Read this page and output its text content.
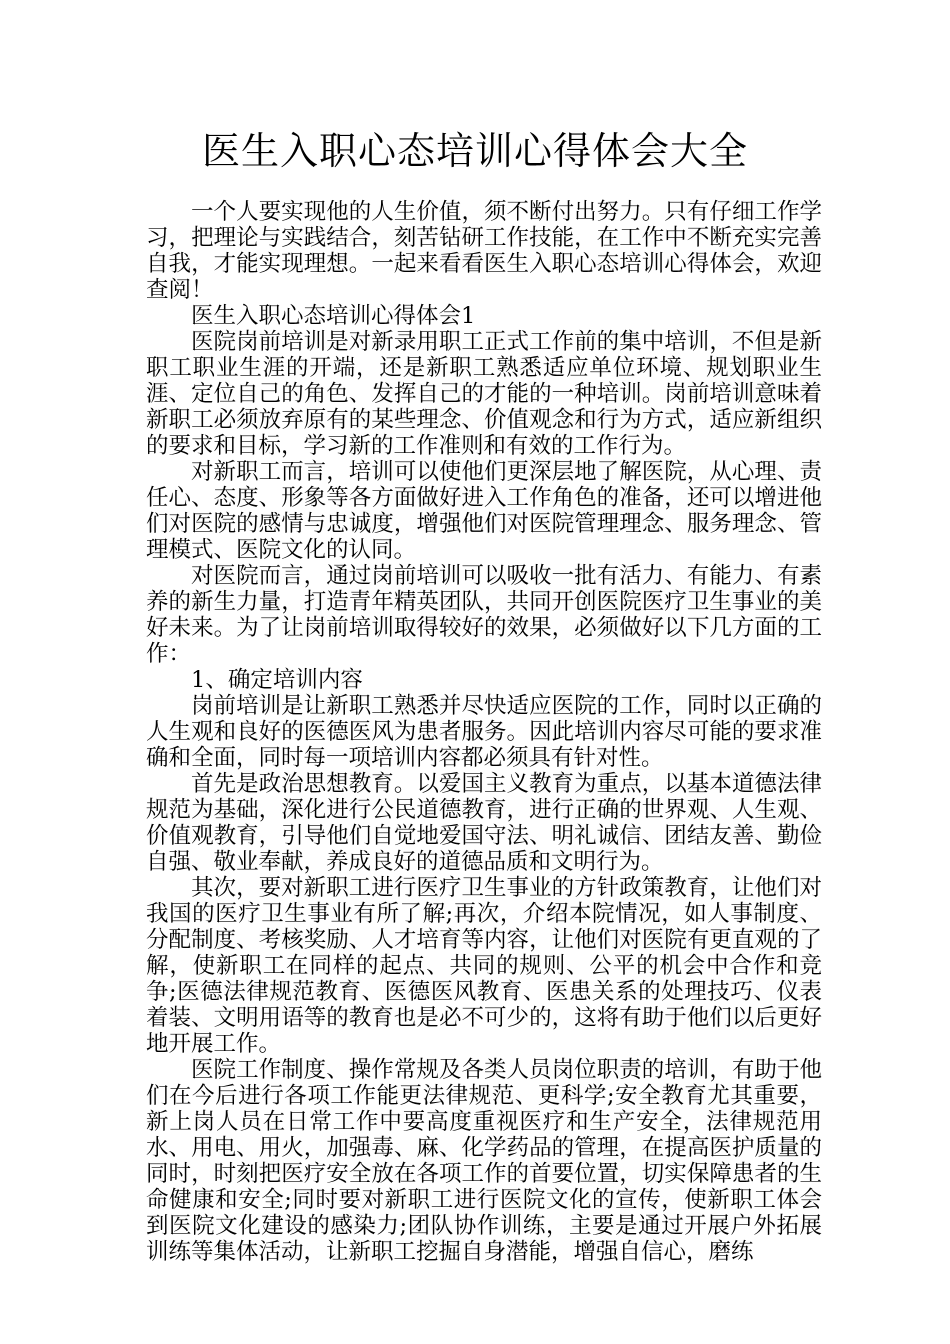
医生入职心态培训心得体会大全

一个人要实现他的人生价值，须不断付出努力。只有仔细工作学习，把理论与实践结合，刻苦钻研工作技能，在工作中不断充实完善自我，才能实现理想。一起来看看医生入职心态培训心得体会，欢迎查阅！

医生入职心态培训心得体会1

医院岗前培训是对新录用职工正式工作前的集中培训，不但是新职工职业生涯的开端，还是新职工熟悉适应单位环境、规划职业生涯、定位自己的角色、发挥自己的才能的一种培训。岗前培训意味着新职工必须放弃原有的某些理念、价值观念和行为方式，适应新组织的要求和目标，学习新的工作准则和有效的工作行为。

对新职工而言，培训可以使他们更深层地了解医院，从心理、责任心、态度、形象等各方面做好进入工作角色的准备，还可以增进他们对医院的感情与忠诚度，增强他们对医院管理理念、服务理念、管理模式、医院文化的认同。

对医院而言，通过岗前培训可以吸收一批有活力、有能力、有素养的新生力量，打造青年精英团队，共同开创医院医疗卫生事业的美好未来。为了让岗前培训取得较好的效果，必须做好以下几方面的工作：

1、确定培训内容

岗前培训是让新职工熟悉并尽快适应医院的工作，同时以正确的人生观和良好的医德医风为患者服务。因此培训内容尽可能的要求准确和全面，同时每一项培训内容都必须具有针对性。

首先是政治思想教育。以爱国主义教育为重点，以基本道德法律规范为基础，深化进行公民道德教育，进行正确的世界观、人生观、价值观教育，引导他们自觉地爱国守法、明礼诚信、团结友善、勤俭自强、敬业奉献，养成良好的道德品质和文明行为。

其次，要对新职工进行医疗卫生事业的方针政策教育，让他们对我国的医疗卫生事业有所了解;再次，介绍本院情况，如人事制度、分配制度、考核奖励、人才培育等内容，让他们对医院有更直观的了解，使新职工在同样的起点、共同的规则、公平的机会中合作和竞争;医德法律规范教育、医德医风教育、医患关系的处理技巧、仪表着装、文明用语等的教育也是必不可少的，这将有助于他们以后更好地开展工作。

医院工作制度、操作常规及各类人员岗位职责的培训，有助于他们在今后进行各项工作能更法律规范、更科学;安全教育尤其重要，新上岗人员在日常工作中要高度重视医疗和生产安全，法律规范用水、用电、用火，加强毒、麻、化学药品的管理，在提高医护质量的同时，时刻把医疗安全放在各项工作的首要位置，切实保障患者的生命健康和安全;同时要对新职工进行医院文化的宣传，使新职工体会到医院文化建设的感染力;团队协作训练，主要是通过开展户外拓展训练等集体活动，让新职工挖掘自身潜能，增强自信心，磨练
